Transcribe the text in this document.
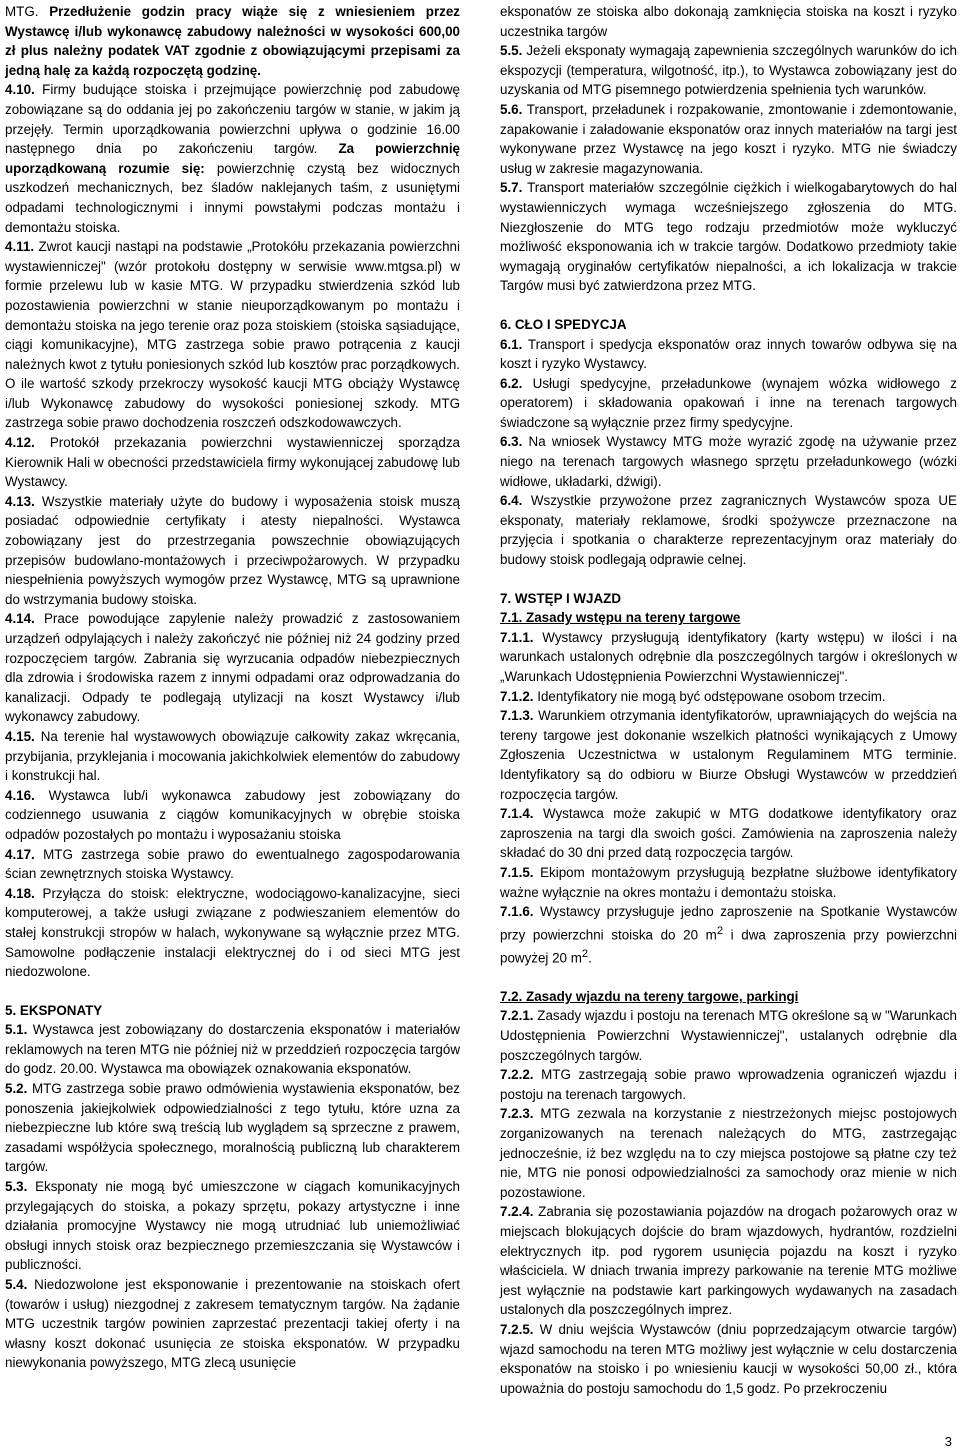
MTG. Przedłużenie godzin pracy wiąże się z wniesieniem przez Wystawcę i/lub wykonawcę zabudowy należności w wysokości 600,00 zł plus należny podatek VAT zgodnie z obowiązującymi przepisami za jedną halę za każdą rozpoczętą godzinę.

4.10. Firmy budujące stoiska i przejmujące powierzchnię pod zabudowę zobowiązane są do oddania jej po zakończeniu targów w stanie, w jakim ją przejęły. Termin uporządkowania powierzchni upływa o godzinie 16.00 następnego dnia po zakończeniu targów. Za powierzchnię uporządkowaną rozumie się: powierzchnię czystą bez widocznych uszkodzeń mechanicznych, bez śladów naklejanych taśm, z usuniętymi odpadami technologicznymi i innymi powstałymi podczas montażu i demontażu stoiska.

4.11. Zwrot kaucji nastąpi na podstawie „Protokółu przekazania powierzchni wystawienniczej" (wzór protokołu dostępny w serwisie www.mtgsa.pl) w formie przelewu lub w kasie MTG. W przypadku stwierdzenia szkód lub pozostawienia powierzchni w stanie nieuporządkowanym po montażu i demontażu stoiska na jego terenie oraz poza stoiskiem (stoiska sąsiadujące, ciągi komunikacyjne), MTG zastrzega sobie prawo potrącenia z kaucji należnych kwot z tytułu poniesionych szkód lub kosztów prac porządkowych. O ile wartość szkody przekroczy wysokość kaucji MTG obciąży Wystawcę i/lub Wykonawcę zabudowy do wysokości poniesionej szkody. MTG zastrzega sobie prawo dochodzenia roszczeń odszkodowawczych.

4.12. Protokół przekazania powierzchni wystawienniczej sporządza Kierownik Hali w obecności przedstawiciela firmy wykonującej zabudowę lub Wystawcy.

4.13. Wszystkie materiały użyte do budowy i wyposażenia stoisk muszą posiadać odpowiednie certyfikaty i atesty niepalności. Wystawca zobowiązany jest do przestrzegania powszechnie obowiązujących przepisów budowlano-montażowych i przeciwpożarowych. W przypadku niespełnienia powyższych wymogów przez Wystawcę, MTG są uprawnione do wstrzymania budowy stoiska.

4.14. Prace powodujące zapylenie należy prowadzić z zastosowaniem urządzeń odpylających i należy zakończyć nie później niż 24 godziny przed rozpoczęciem targów. Zabrania się wyrzucania odpadów niebezpiecznych dla zdrowia i środowiska razem z innymi odpadami oraz odprowadzania do kanalizacji. Odpady te podlegają utylizacji na koszt Wystawcy i/lub wykonawcy zabudowy.

4.15. Na terenie hal wystawowych obowiązuje całkowity zakaz wkręcania, przybijania, przyklejania i mocowania jakichkolwiek elementów do zabudowy i konstrukcji hal.

4.16. Wystawca lub/i wykonawca zabudowy jest zobowiązany do codziennego usuwania z ciągów komunikacyjnych w obrębie stoiska odpadów pozostałych po montażu i wyposażaniu stoiska

4.17. MTG zastrzega sobie prawo do ewentualnego zagospodarowania ścian zewnętrznych stoiska Wystawcy.

4.18. Przyłącza do stoisk: elektryczne, wodociągowo-kanalizacyjne, sieci komputerowej, a także usługi związane z podwieszaniem elementów do stałej konstrukcji stropów w halach, wykonywane są wyłącznie przez MTG. Samowolne podłączenie instalacji elektrycznej do i od sieci MTG jest niedozwolone.

5. EKSPONATY

5.1. Wystawca jest zobowiązany do dostarczenia eksponatów i materiałów reklamowych na teren MTG nie później niż w przeddzień rozpoczęcia targów do godz. 20.00. Wystawca ma obowiązek oznakowania eksponatów.

5.2. MTG zastrzega sobie prawo odmówienia wystawienia eksponatów, bez ponoszenia jakiejkolwiek odpowiedzialności z tego tytułu, które uzna za niebezpieczne lub które swą treścią lub wyglądem są sprzeczne z prawem, zasadami współżycia społecznego, moralnością publiczną lub charakterem targów.

5.3. Eksponaty nie mogą być umieszczone w ciągach komunikacyjnych przylegających do stoiska, a pokazy sprzętu, pokazy artystyczne i inne działania promocyjne Wystawcy nie mogą utrudniać lub uniemożliwiać obsługi innych stoisk oraz bezpiecznego przemieszczania się Wystawców i publiczności.

5.4. Niedozwolone jest eksponowanie i prezentowanie na stoiskach ofert (towarów i usług) niezgodnej z zakresem tematycznym targów. Na żądanie MTG uczestnik targów powinien zaprzestać prezentacji takiej oferty i na własny koszt dokonać usunięcia ze stoiska eksponatów. W przypadku niewykonania powyższego, MTG zlecą usunięcie

eksponatów ze stoiska albo dokonają zamknięcia stoiska na koszt i ryzyko uczestnika targów

5.5. Jeżeli eksponaty wymagają zapewnienia szczególnych warunków do ich ekspozycji (temperatura, wilgotność, itp.), to Wystawca zobowiązany jest do uzyskania od MTG pisemnego potwierdzenia spełnienia tych warunków.

5.6. Transport, przeładunek i rozpakowanie, zmontowanie i zdemontowanie, zapakowanie i załadowanie eksponatów oraz innych materiałów na targi jest wykonywane przez Wystawcę na jego koszt i ryzyko. MTG nie świadczy usług w zakresie magazynowania.

5.7. Transport materiałów szczególnie ciężkich i wielkogabarytowych do hal wystawienniczych wymaga wcześniejszego zgłoszenia do MTG. Niezgłoszenie do MTG tego rodzaju przedmiotów może wykluczyć możliwość eksponowania ich w trakcie targów. Dodatkowo przedmioty takie wymagają oryginałów certyfikatów niepalności, a ich lokalizacja w trakcie Targów musi być zatwierdzona przez MTG.

6. CŁO I SPEDYCJA

6.1. Transport i spedycja eksponatów oraz innych towarów odbywa się na koszt i ryzyko Wystawcy.

6.2. Usługi spedycyjne, przeładunkowe (wynajem wózka widłowego z operatorem) i składowania opakowań i inne na terenach targowych świadczone są wyłącznie przez firmy spedycyjne.

6.3. Na wniosek Wystawcy MTG może wyrazić zgodę na używanie przez niego na terenach targowych własnego sprzętu przeładunkowego (wózki widłowe, układarki, dźwigi).

6.4. Wszystkie przywożone przez zagranicznych Wystawców spoza UE eksponaty, materiały reklamowe, środki spożywcze przeznaczone na przyjęcia i spotkania o charakterze reprezentacyjnym oraz materiały do budowy stoisk podlegają odprawie celnej.

7. WSTĘP I WJAZD

7.1. Zasady wstępu na tereny targowe

7.1.1. Wystawcy przysługują identyfikatory (karty wstępu) w ilości i na warunkach ustalonych odrębnie dla poszczególnych targów i określonych w „Warunkach Udostępnienia Powierzchni Wystawienniczej".

7.1.2. Identyfikatory nie mogą być odstępowane osobom trzecim.

7.1.3. Warunkiem otrzymania identyfikatorów, uprawniających do wejścia na tereny targowe jest dokonanie wszelkich płatności wynikających z Umowy Zgłoszenia Uczestnictwa w ustalonym Regulaminem MTG terminie. Identyfikatory są do odbioru w Biurze Obsługi Wystawców w przeddzień rozpoczęcia targów.

7.1.4. Wystawca może zakupić w MTG dodatkowe identyfikatory oraz zaproszenia na targi dla swoich gości. Zamówienia na zaproszenia należy składać do 30 dni przed datą rozpoczęcia targów.

7.1.5. Ekipom montażowym przysługują bezpłatne służbowe identyfikatory ważne wyłącznie na okres montażu i demontażu stoiska.

7.1.6. Wystawcy przysługuje jedno zaproszenie na Spotkanie Wystawców przy powierzchni stoiska do 20 $m^2$ i dwa zaproszenia przy powierzchni powyżej 20 $m^2$.

7.2. Zasady wjazdu na tereny targowe, parkingi

7.2.1. Zasady wjazdu i postoju na terenach MTG określone są w "Warunkach Udostępnienia Powierzchni Wystawienniczej", ustalanych odrębnie dla poszczególnych targów.

7.2.2. MTG zastrzegają sobie prawo wprowadzenia ograniczeń wjazdu i postoju na terenach targowych.

7.2.3. MTG zezwala na korzystanie z niestrzeżonych miejsc postojowych zorganizowanych na terenach należących do MTG, zastrzegając jednocześnie, iż bez względu na to czy miejsca postojowe są płatne czy też nie, MTG nie ponosi odpowiedzialności za samochody oraz mienie w nich pozostawione.

7.2.4. Zabrania się pozostawiania pojazdów na drogach pożarowych oraz w miejscach blokujących dojście do bram wjazdowych, hydrantów, rozdzielni elektrycznych itp. pod rygorem usunięcia pojazdu na koszt i ryzyko właściciela. W dniach trwania imprezy parkowanie na terenie MTG możliwe jest wyłącznie na podstawie kart parkingowych wydawanych na zasadach ustalonych dla poszczególnych imprez.

7.2.5. W dniu wejścia Wystawców (dniu poprzedzającym otwarcie targów) wjazd samochodu na teren MTG możliwy jest wyłącznie w celu dostarczenia eksponatów na stoisko i po wniesieniu kaucji w wysokości 50,00 zł., która upoważnia do postoju samochodu do 1,5 godz. Po przekroczeniu

3
